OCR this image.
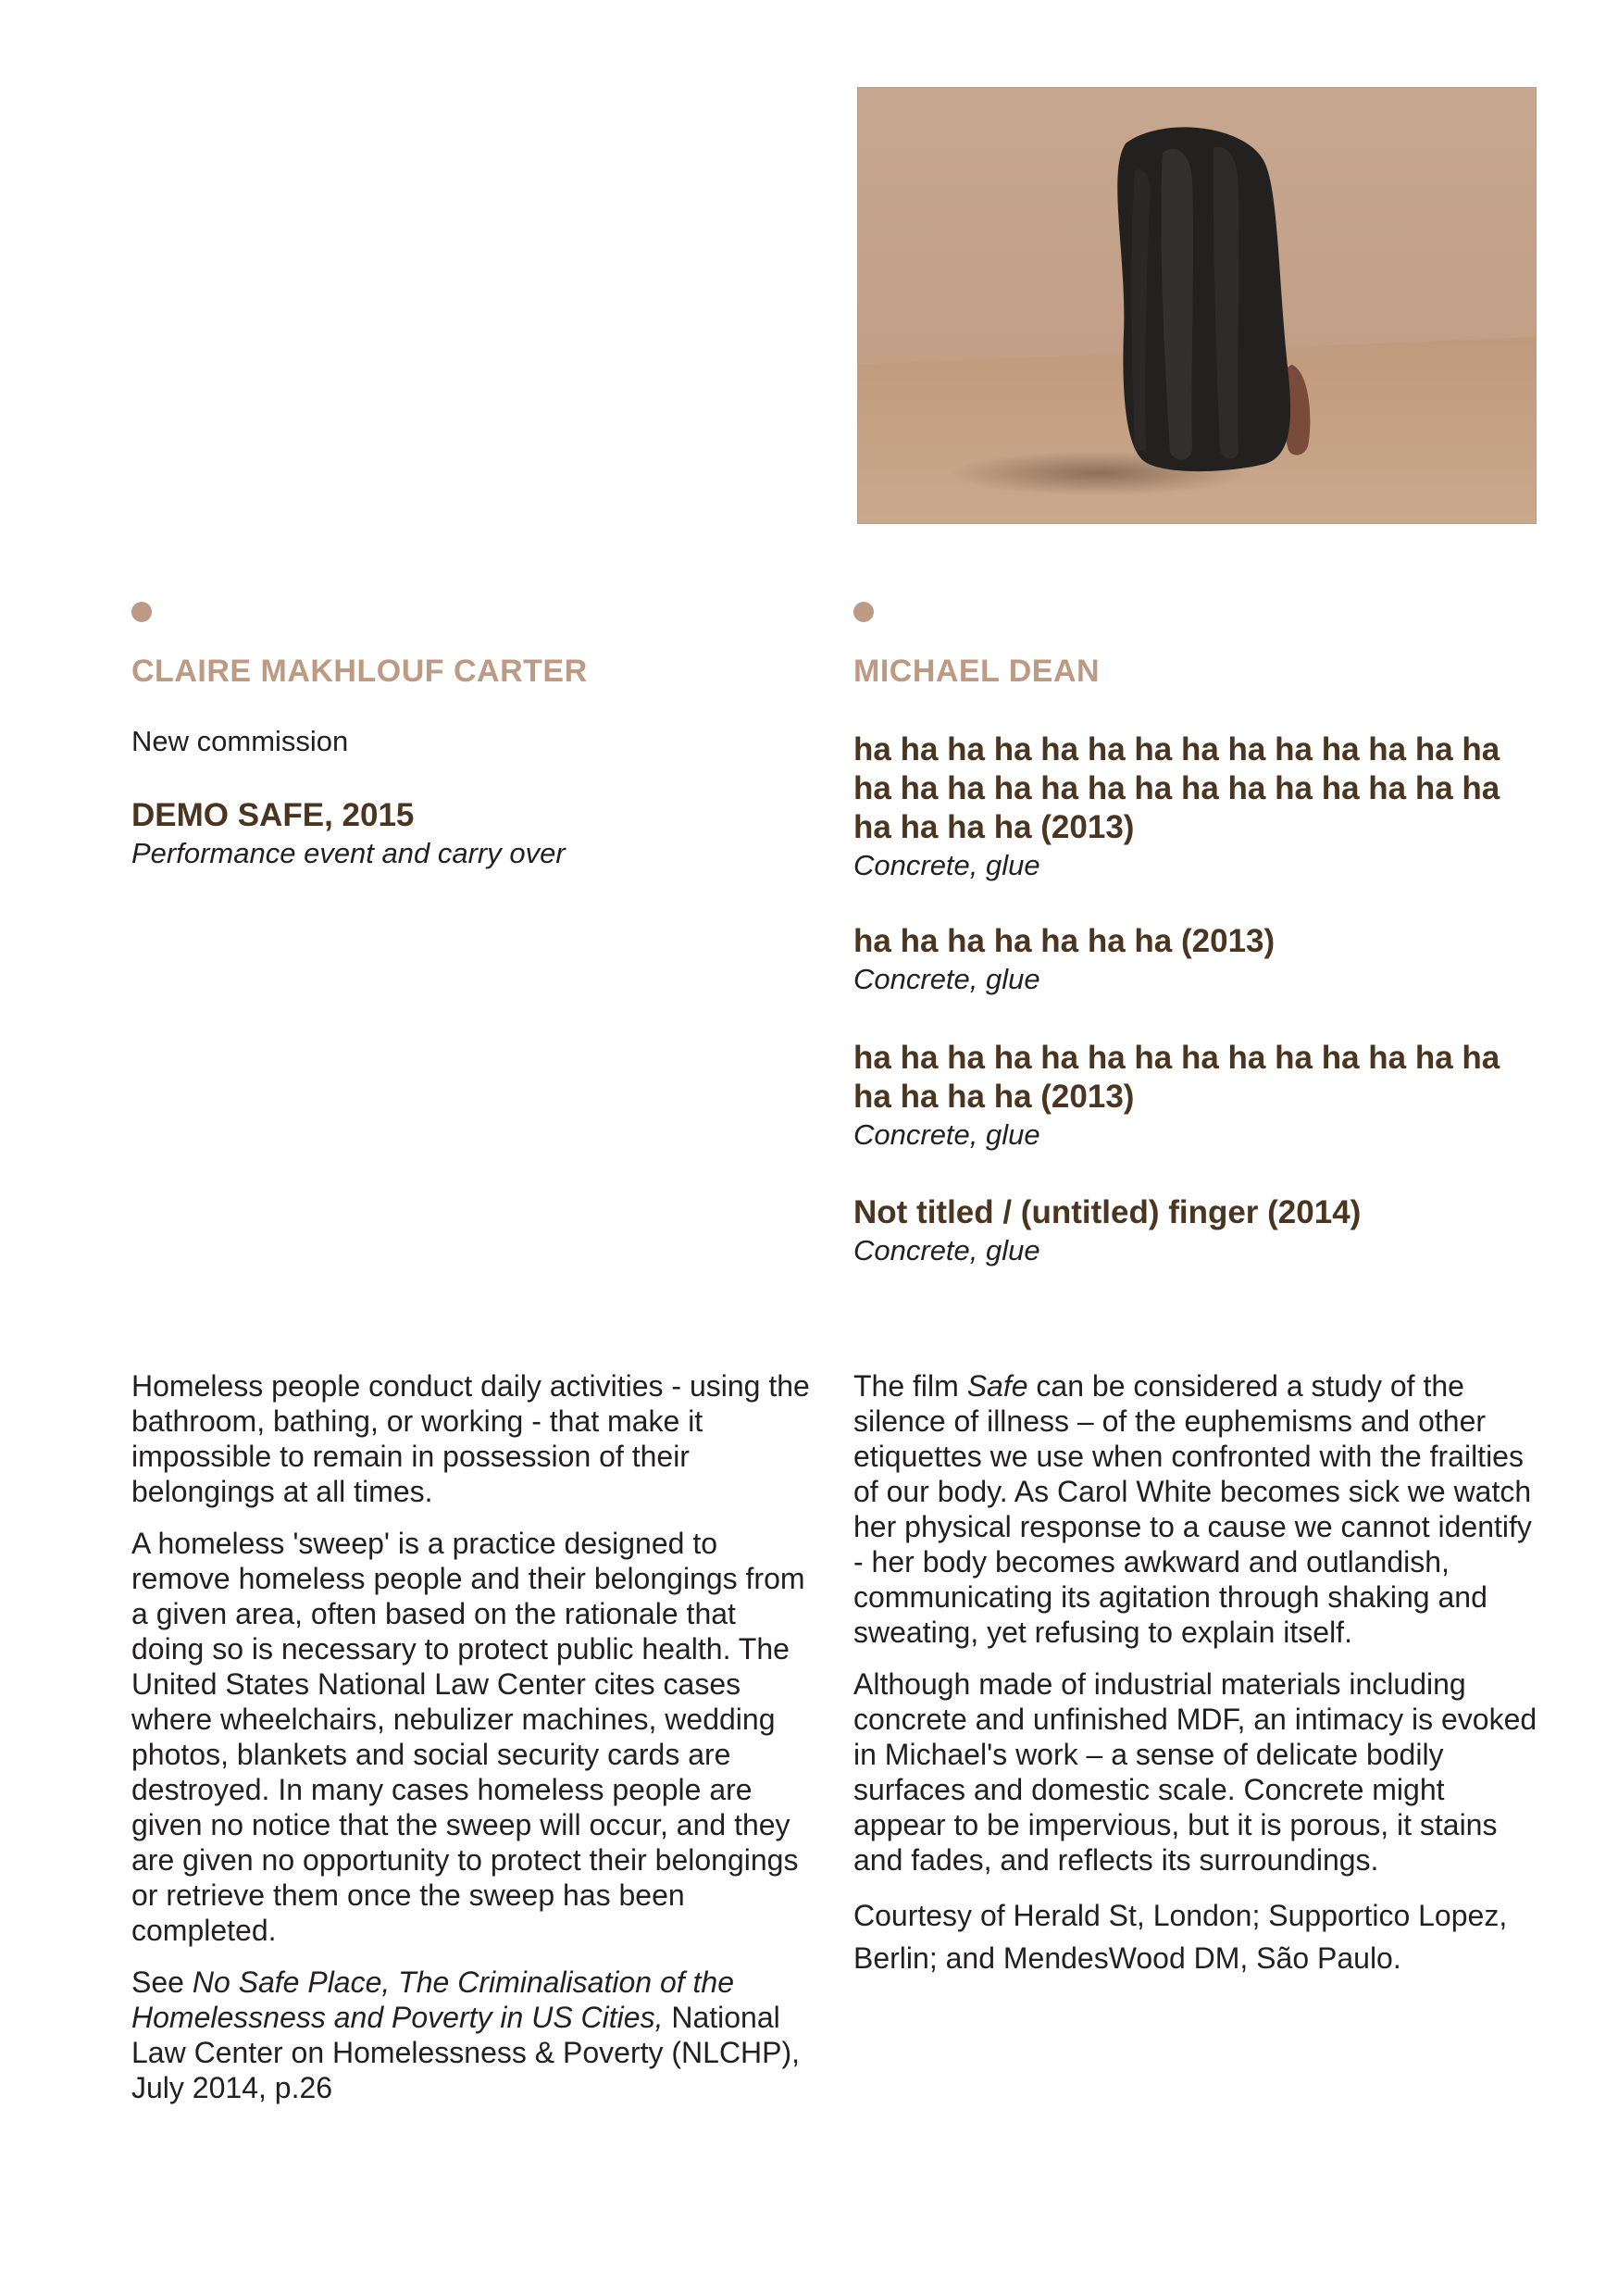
CLAIRE MAKHLOUF CARTER

New commission

DEMO SAFE, 2015

Performance event and carry over

MICHAEL DEAN

ha ha ha ha ha ha ha ha ha ha ha ha ha ha ha ha ha ha ha ha ha ha ha ha ha ha ha ha ha ha ha ha (2013)

Concrete, glue

ha ha ha ha ha ha ha (2013)

Concrete, glue

ha ha ha ha ha ha ha ha ha ha ha ha ha ha ha ha ha ha (2013)

Concrete, glue

Not titled / (untitled) finger (2014)

Concrete, glue

Homeless people conduct daily activities - using the bathroom, bathing, or working - that make it impossible to remain in possession of their belongings at all times.

A homeless 'sweep' is a practice designed to remove homeless people and their belongings from a given area, often based on the rationale that doing so is necessary to protect public health. The United States National Law Center cites cases where wheelchairs, nebulizer machines, wedding photos, blankets and social security cards are destroyed. In many cases homeless people are given no notice that the sweep will occur, and they are given no opportunity to protect their belongings or retrieve them once the sweep has been completed.

See No Safe Place, The Criminalisation of the Homelessness and Poverty in US Cities, National Law Center on Homelessness & Poverty (NLCHP), July 2014, p.26

The film Safe can be considered a study of the silence of illness – of the euphemisms and other etiquettes we use when confronted with the frailties of our body. As Carol White becomes sick we watch her physical response to a cause we cannot identify - her body becomes awkward and outlandish, communicating its agitation through shaking and sweating, yet refusing to explain itself.

Although made of industrial materials including concrete and unfinished MDF, an intimacy is evoked in Michael's work – a sense of delicate bodily surfaces and domestic scale. Concrete might appear to be impervious, but it is porous, it stains and fades, and reflects its surroundings.

Courtesy of Herald St, London; Supportico Lopez, Berlin; and MendesWood DM, São Paulo.
